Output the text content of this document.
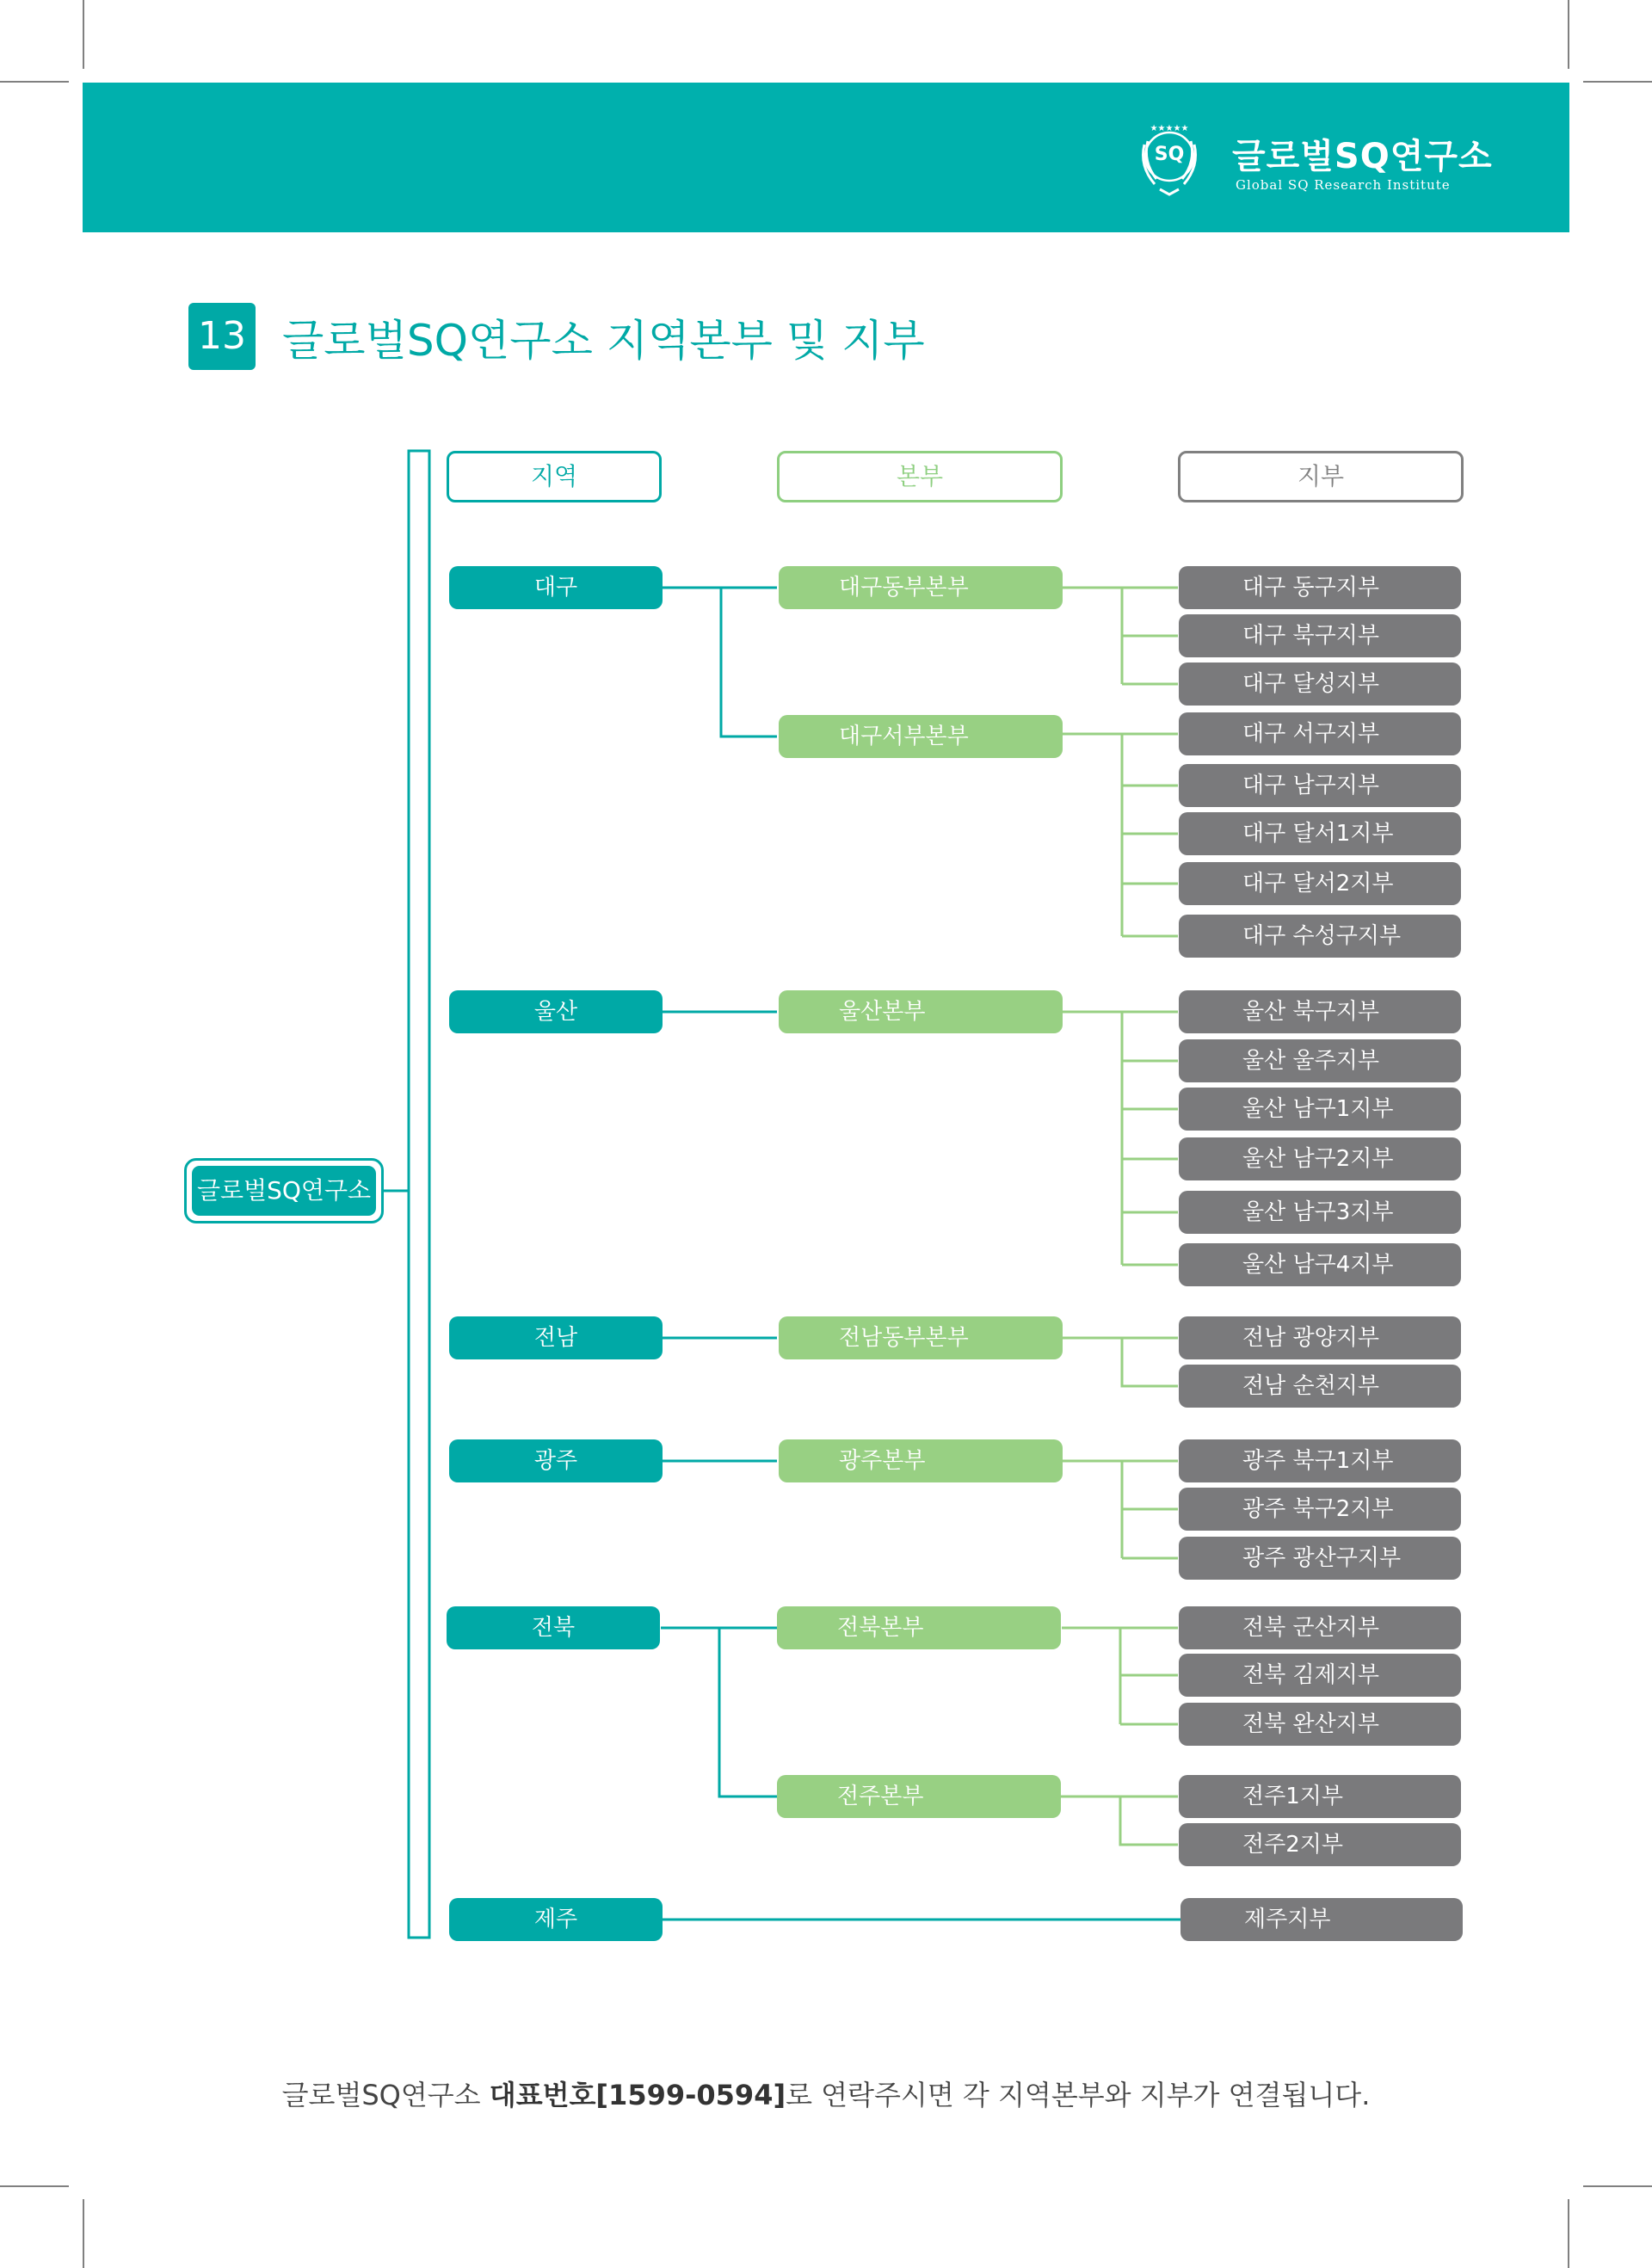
SQ
★★★★★
글로벌SQ연구소
Global SQ Research Institute
13 글로벌SQ연구소 지역본부 및 지부
글로벌SQ연구소
지역	본부	지부
대구
울산
전남
광주
전북
제주
대구동부본부
대구서부본부
울산본부
전남동부본부
광주본부
전북본부
전주본부
대구 동구지부
대구 북구지부
대구 달성지부
대구 서구지부
대구 남구지부
대구 달서1지부
대구 달서2지부
대구 수성구지부
울산 북구지부
울산 울주지부
울산 남구1지부
울산 남구2지부
울산 남구3지부
울산 남구4지부
전남 광양지부
전남 순천지부
광주 북구1지부
광주 북구2지부
광주 광산구지부
전북 군산지부
전북 김제지부
전북 완산지부
전주1지부
전주2지부
제주지부
글로벌SQ연구소 대표번호[1599-0594]로 연락주시면 각 지역본부와 지부가 연결됩니다.
